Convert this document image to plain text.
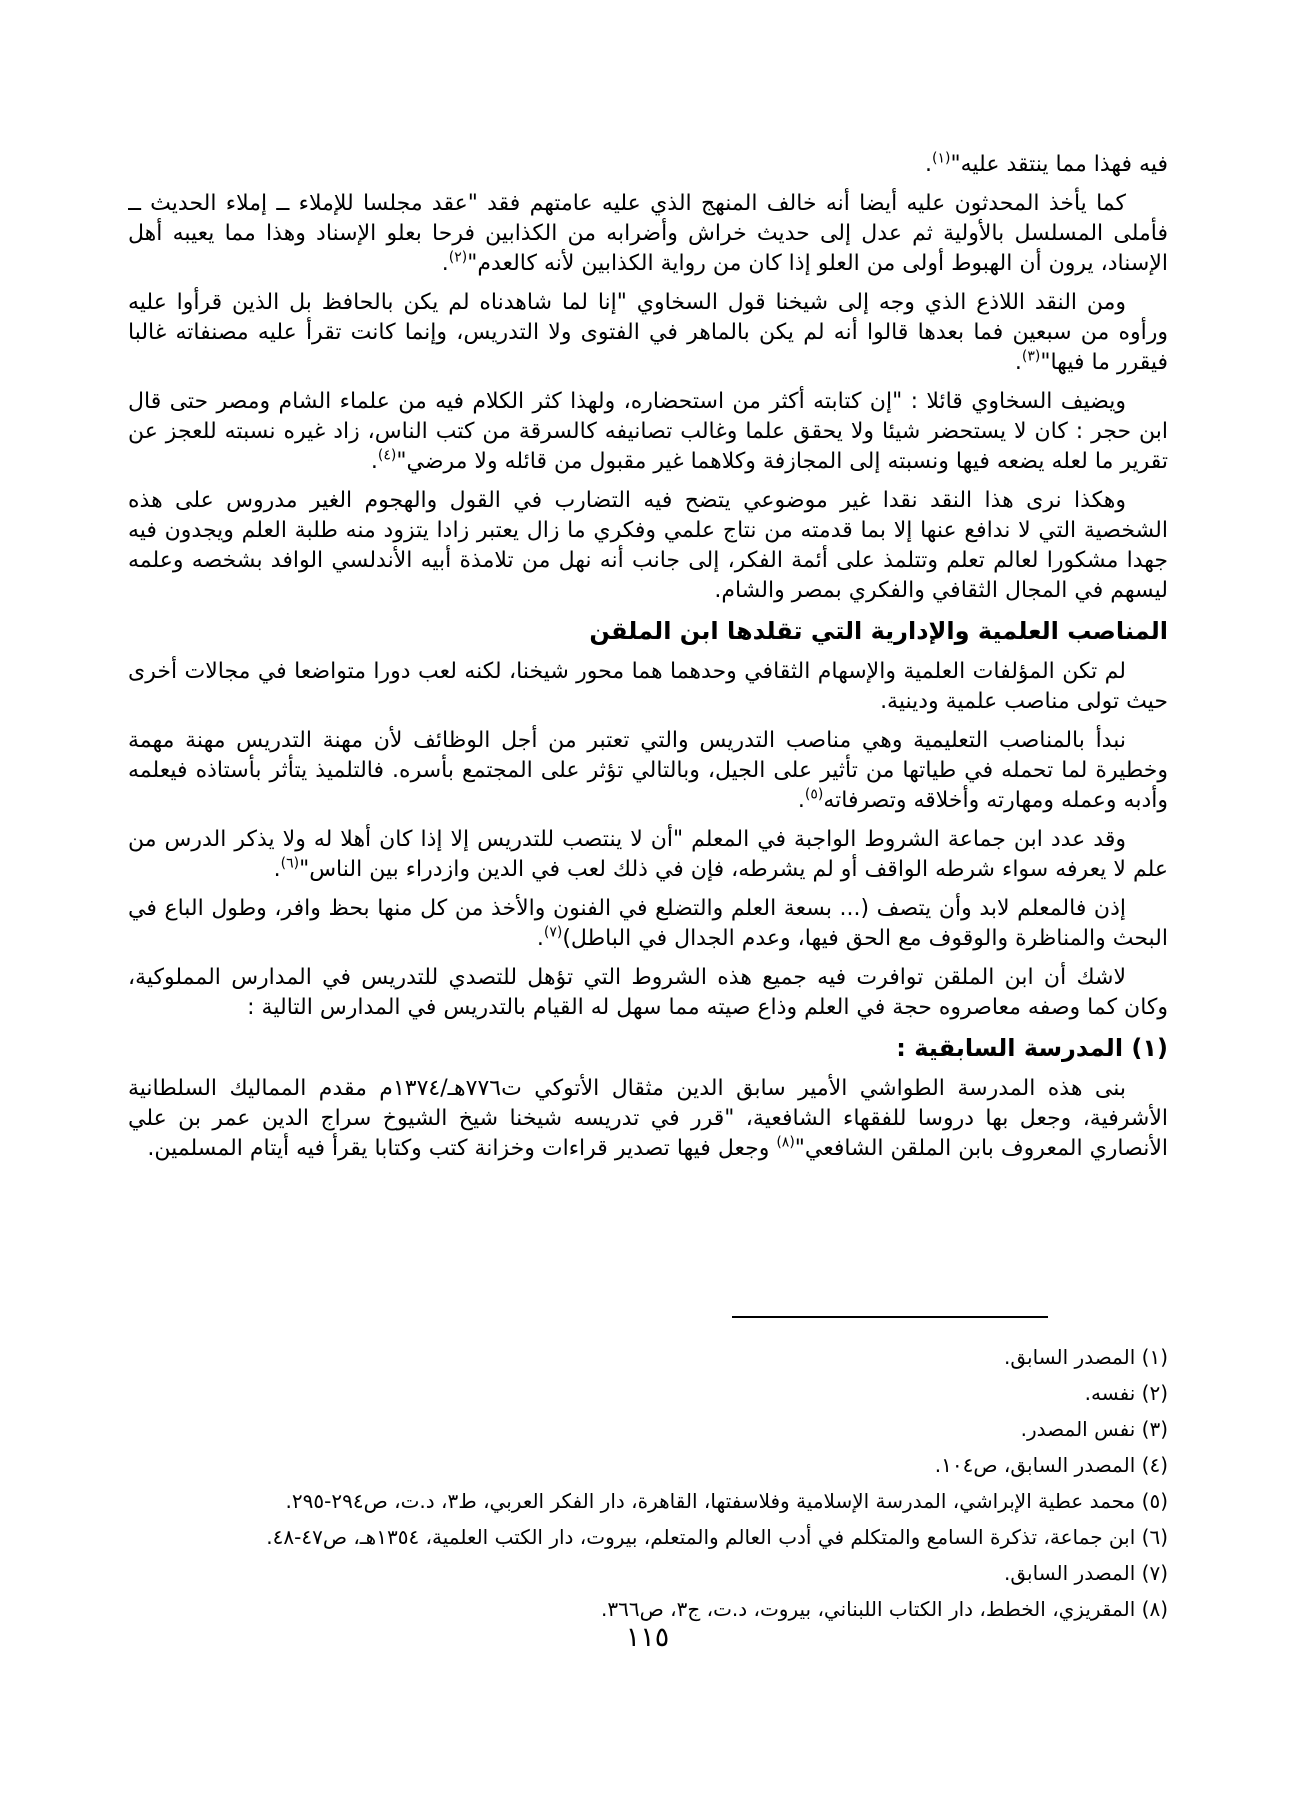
فيه فهذا مما ينتقد عليه"$^{(١)}$.

كما يأخذ المحدثون عليه أيضا أنه خالف المنهج الذي عليه عامتهم فقد "عقد مجلسا للإملاء ــ إملاء الحديث ــ فأملى المسلسل بالأولية ثم عدل إلى حديث خراش وأضرابه من الكذابين فرحا بعلو الإسناد وهذا مما يعيبه أهل الإسناد، يرون أن الهبوط أولى من العلو إذا كان من رواية الكذابين لأنه كالعدم"$^{(٢)}$.

ومن النقد اللاذع الذي وجه إلى شيخنا قول السخاوي "إنا لما شاهدناه لم يكن بالحافظ بل الذين قرأوا عليه ورأوه من سبعين فما بعدها قالوا أنه لم يكن بالماهر في الفتوى ولا التدريس، وإنما كانت تقرأ عليه مصنفاته غالبا فيقرر ما فيها"$^{(٣)}$.

ويضيف السخاوي قائلا : "إن كتابته أكثر من استحضاره، ولهذا كثر الكلام فيه من علماء الشام ومصر حتى قال ابن حجر : كان لا يستحضر شيئا ولا يحقق علما وغالب تصانيفه كالسرقة من كتب الناس، زاد غيره نسبته للعجز عن تقرير ما لعله يضعه فيها ونسبته إلى المجازفة وكلاهما غير مقبول من قائله ولا مرضي"$^{(٤)}$.

وهكذا نرى هذا النقد نقدا غير موضوعي يتضح فيه التضارب في القول والهجوم الغير مدروس على هذه الشخصية التي لا ندافع عنها إلا بما قدمته من نتاج علمي وفكري ما زال يعتبر زادا يتزود منه طلبة العلم ويجدون فيه جهدا مشكورا لعالم تعلم وتتلمذ على أئمة الفكر، إلى جانب أنه نهل من تلامذة أبيه الأندلسي الوافد بشخصه وعلمه ليسهم في المجال الثقافي والفكري بمصر والشام.

المناصب العلمية والإدارية التي تقلدها ابن الملقن

لم تكن المؤلفات العلمية والإسهام الثقافي وحدهما هما محور شيخنا، لكنه لعب دورا متواضعا في مجالات أخرى حيث تولى مناصب علمية ودينية.

نبدأ بالمناصب التعليمية وهي مناصب التدريس والتي تعتبر من أجل الوظائف لأن مهنة التدريس مهنة مهمة وخطيرة لما تحمله في طياتها من تأثير على الجيل، وبالتالي تؤثر على المجتمع بأسره. فالتلميذ يتأثر بأستاذه فيعلمه وأدبه وعمله ومهارته وأخلاقه وتصرفاته$^{(٥)}$.

وقد عدد ابن جماعة الشروط الواجبة في المعلم "أن لا ينتصب للتدريس إلا إذا كان أهلا له ولا يذكر الدرس من علم لا يعرفه سواء شرطه الواقف أو لم يشرطه، فإن في ذلك لعب في الدين وازدراء بين الناس"$^{(٦)}$.

إذن فالمعلم لابد وأن يتصف (... بسعة العلم والتضلع في الفنون والأخذ من كل منها بحظ وافر، وطول الباع في البحث والمناظرة والوقوف مع الحق فيها، وعدم الجدال في الباطل)$^{(٧)}$.

لاشك أن ابن الملقن توافرت فيه جميع هذه الشروط التي تؤهل للتصدي للتدريس في المدارس المملوكية، وكان كما وصفه معاصروه حجة في العلم وذاع صيته مما سهل له القيام بالتدريس في المدارس التالية :

(١) المدرسة السابقية :

بنى هذه المدرسة الطواشي الأمير سابق الدين مثقال الأتوكي ت٧٧٦هـ/١٣٧٤م مقدم المماليك السلطانية الأشرفية، وجعل بها دروسا للفقهاء الشافعية، "قرر في تدريسه شيخنا شيخ الشيوخ سراج الدين عمر بن علي الأنصاري المعروف بابن الملقن الشافعي"$^{(٨)}$ وجعل فيها تصدير قراءات وخزانة كتب وكتابا يقرأ فيه أيتام المسلمين.

(١) المصدر السابق.
(٢) نفسه.
(٣) نفس المصدر.
(٤) المصدر السابق، ص١٠٤.
(٥) محمد عطية الإبراشي، المدرسة الإسلامية وفلاسفتها، القاهرة، دار الفكر العربي، ط٣، د.ت، ص٢٩٤-٢٩٥.
(٦) ابن جماعة، تذكرة السامع والمتكلم في أدب العالم والمتعلم، بيروت، دار الكتب العلمية، ١٣٥٤هـ، ص٤٧-٤٨.
(٧) المصدر السابق.
(٨) المقريزي، الخطط، دار الكتاب اللبناني، بيروت، د.ت، ج٣، ص٣٦٦.
١١٥
